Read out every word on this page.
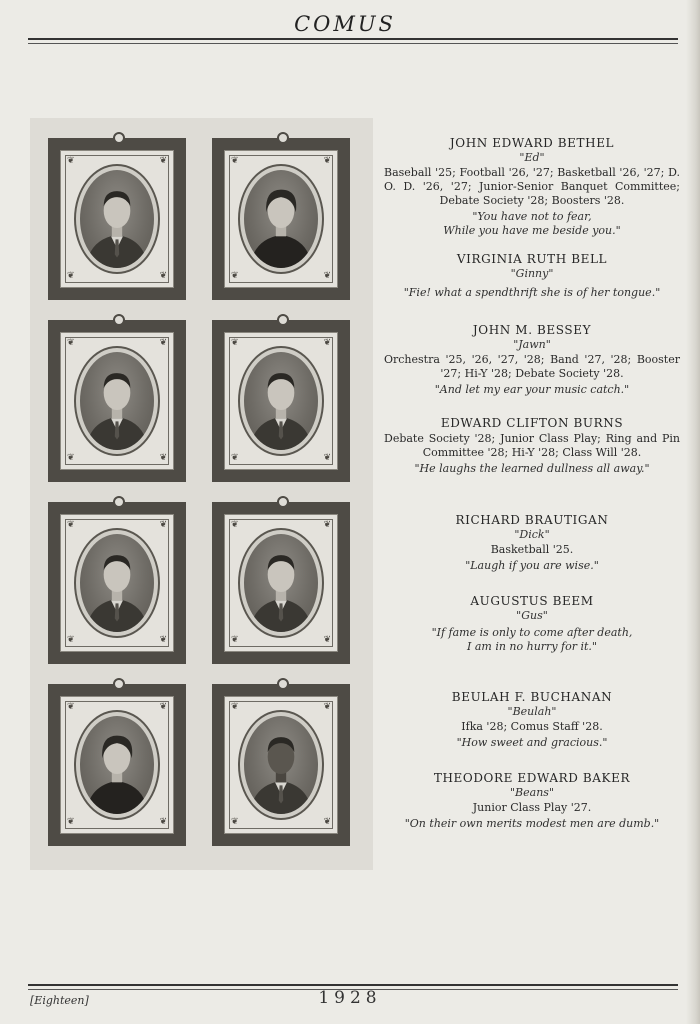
COMUS
❦	❦
❦	❦
❦	❦
❦	❦
❦	❦
❦	❦
❦	❦
❦	❦
❦	❦
❦	❦
❦	❦
❦	❦
❦	❦
❦	❦
❦	❦
❦	❦
JOHN EDWARD BETHEL
"Ed"
Baseball '25; Football '26, '27; Basketball '26, '27; D. O. D. '26, '27; Junior-Senior Banquet Committee; Debate Society '28; Boosters '28.
"You have not to fear,
While you have me beside you."
VIRGINIA RUTH BELL
"Ginny"
"Fie! what a spendthrift she is of her tongue."
JOHN M. BESSEY
"Jawn"
Orchestra '25, '26, '27, '28; Band '27, '28; Booster '27; Hi-Y '28; Debate Society '28.
"And let my ear your music catch."
EDWARD CLIFTON BURNS
Debate Society '28; Junior Class Play; Ring and Pin Committee '28; Hi-Y '28; Class Will '28.
"He laughs the learned dullness all away."
RICHARD BRAUTIGAN
"Dick"
Basketball '25.
"Laugh if you are wise."
AUGUSTUS BEEM
"Gus"
"If fame is only to come after death,
I am in no hurry for it."
BEULAH F. BUCHANAN
"Beulah"
Ifka '28; Comus Staff '28.
"How sweet and gracious."
THEODORE EDWARD BAKER
"Beans"
Junior Class Play '27.
"On their own merits modest men are dumb."
[Eighteen]	1928
